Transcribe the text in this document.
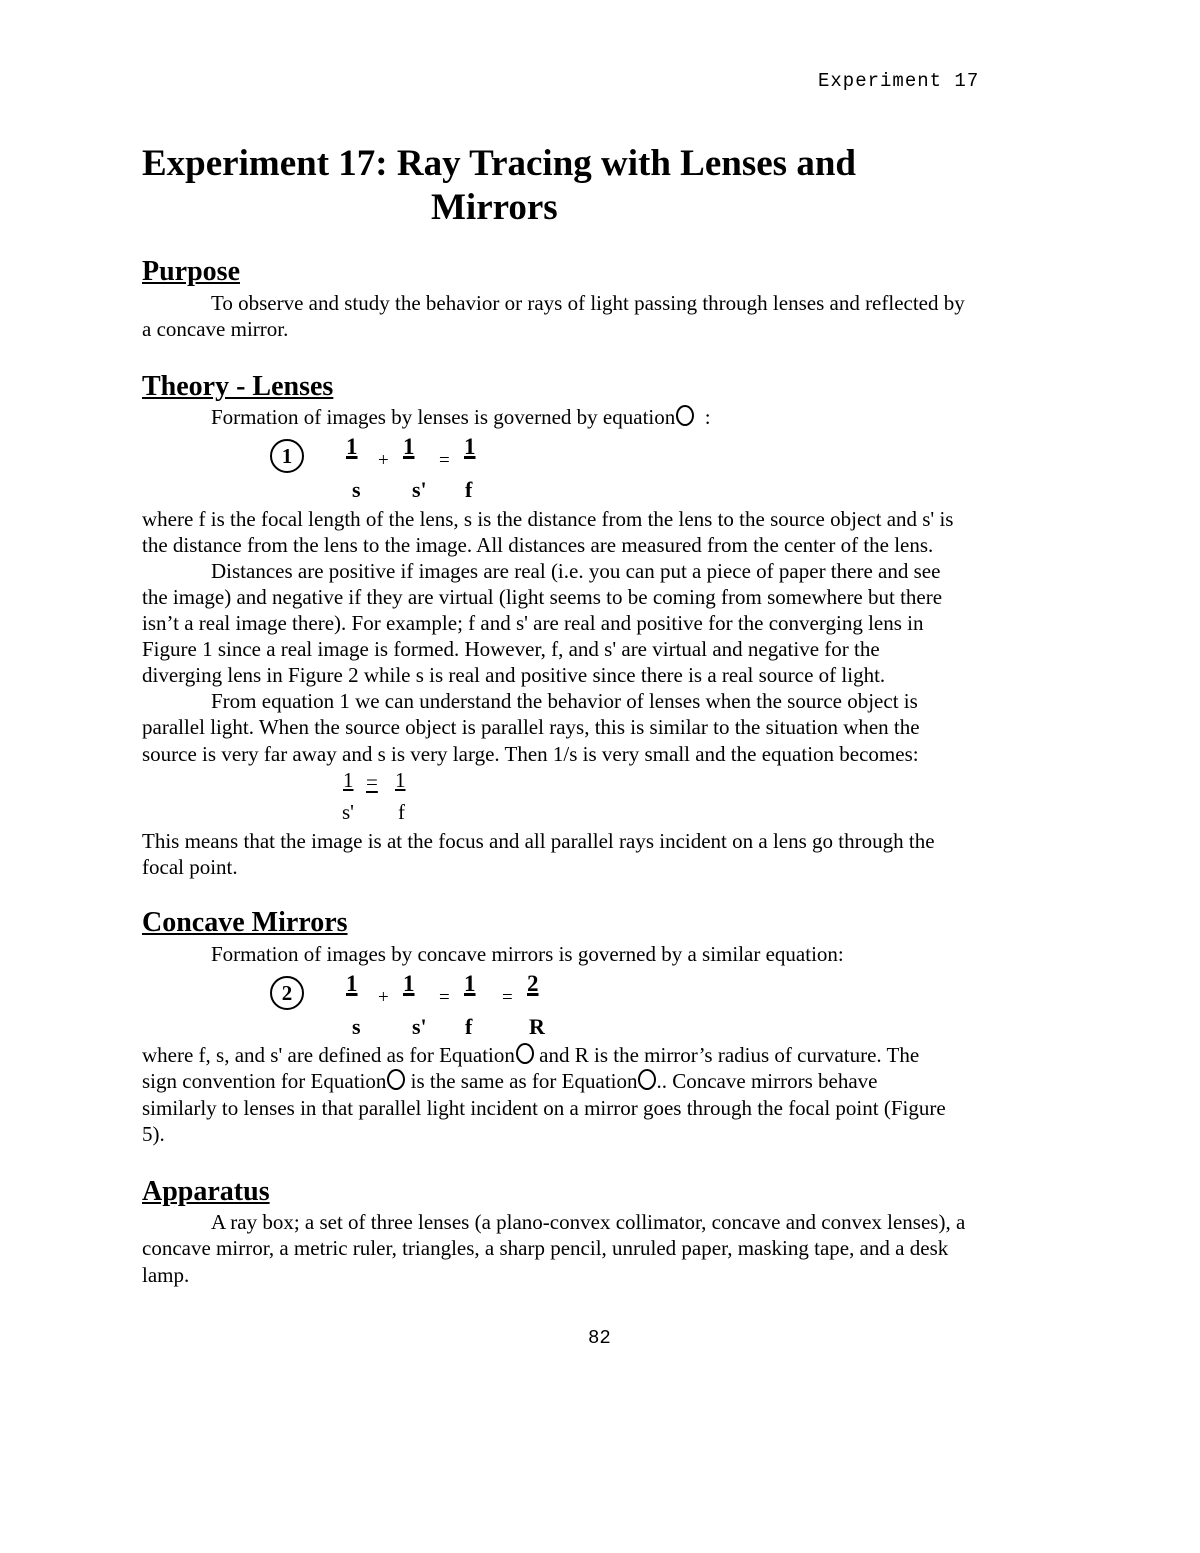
Experiment 17
Experiment 17: Ray Tracing with Lenses and
Mirrors
Purpose
To observe and study the behavior or rays of light passing through lenses and reflected by
a concave mirror.
Theory - Lenses
Formation of images by lenses is governed by equation :
1	1
+
1
=
1
s s' f
where f is the focal length of the lens, s is the distance from the lens to the source object and s' is
the distance from the lens to the image. All distances are measured from the center of the lens.
Distances are positive if images are real (i.e. you can put a piece of paper there and see
the image) and negative if they are virtual (light seems to be coming from somewhere but there
isn’t a real image there). For example; f and s' are real and positive for the converging lens in
Figure 1 since a real image is formed. However, f, and s' are virtual and negative for the
diverging lens in Figure 2 while s is real and positive since there is a real source of light.
From equation 1 we can understand the behavior of lenses when the source object is
parallel light. When the source object is parallel rays, this is similar to the situation when the
source is very far away and s is very large. Then 1/s is very small and the equation becomes:
1 = 1
s' f
This means that the image is at the focus and all parallel rays incident on a lens go through the
focal point.
Concave Mirrors
Formation of images by concave mirrors is governed by a similar equation:
2	1
+
1
=
1
=
2
s s' f	R
where f, s, and s' are defined as for Equation and R is the mirror’s radius of curvature. The
sign convention for Equation is the same as for Equation .. Concave mirrors behave
similarly to lenses in that parallel light incident on a mirror goes through the focal point (Figure
5).
Apparatus
A ray box; a set of three lenses (a plano-convex collimator, concave and convex lenses), a
concave mirror, a metric ruler, triangles, a sharp pencil, unruled paper, masking tape, and a desk
lamp.
82
